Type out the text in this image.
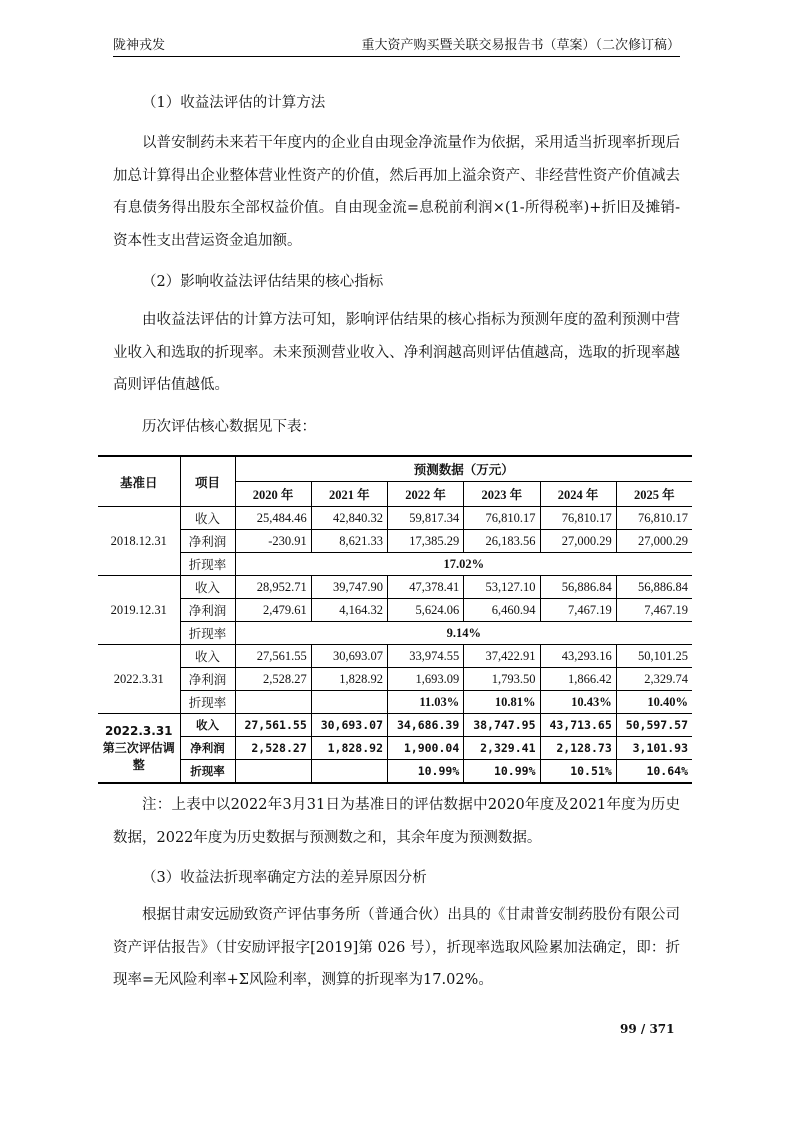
陇神戎发	重大资产购买暨关联交易报告书（草案）（二次修订稿）
（1）收益法评估的计算方法
以普安制药未来若干年度内的企业自由现金净流量作为依据，采用适当折现率折现后加总计算得出企业整体营业性资产的价值，然后再加上溢余资产、非经营性资产价值减去有息债务得出股东全部权益价值。自由现金流=息税前利润×(1-所得税率)+折旧及摊销-资本性支出营运资金追加额。
（2）影响收益法评估结果的核心指标
由收益法评估的计算方法可知，影响评估结果的核心指标为预测年度的盈利预测中营业收入和选取的折现率。未来预测营业收入、净利润越高则评估值越高，选取的折现率越高则评估值越低。
历次评估核心数据见下表：
基准日	项目	预测数据（万元）					
		2020 年	2021 年	2022 年	2023 年	2024 年	2025 年
2018.12.31	收入	25,484.46	42,840.32	59,817.34	76,810.17	76,810.17	76,810.17
	净利润	-230.91	8,621.33	17,385.29	26,183.56	27,000.29	27,000.29
	折现率	17.02%					
2019.12.31	收入	28,952.71	39,747.90	47,378.41	53,127.10	56,886.84	56,886.84
	净利润	2,479.61	4,164.32	5,624.06	6,460.94	7,467.19	7,467.19
	折现率	9.14%					
2022.3.31	收入	27,561.55	30,693.07	33,974.55	37,422.91	43,293.16	50,101.25
	净利润	2,528.27	1,828.92	1,693.09	1,793.50	1,866.42	2,329.74
	折现率			11.03%	10.81%	10.43%	10.40%
2022.3.31 第三次评估调整	收入	27,561.55	30,693.07	34,686.39	38,747.95	43,713.65	50,597.57
	净利润	2,528.27	1,828.92	1,900.04	2,329.41	2,128.73	3,101.93
	折现率			10.99%	10.99%	10.51%	10.64%
注：上表中以2022年3月31日为基准日的评估数据中2020年度及2021年度为历史数据，2022年度为历史数据与预测数之和，其余年度为预测数据。
（3）收益法折现率确定方法的差异原因分析
根据甘肃安远励致资产评估事务所（普通合伙）出具的《甘肃普安制药股份有限公司资产评估报告》（甘安励评报字[2019]第 026 号），折现率选取风险累加法确定，即：折现率=无风险利率+Σ风险利率，测算的折现率为17.02%。
99 / 371
